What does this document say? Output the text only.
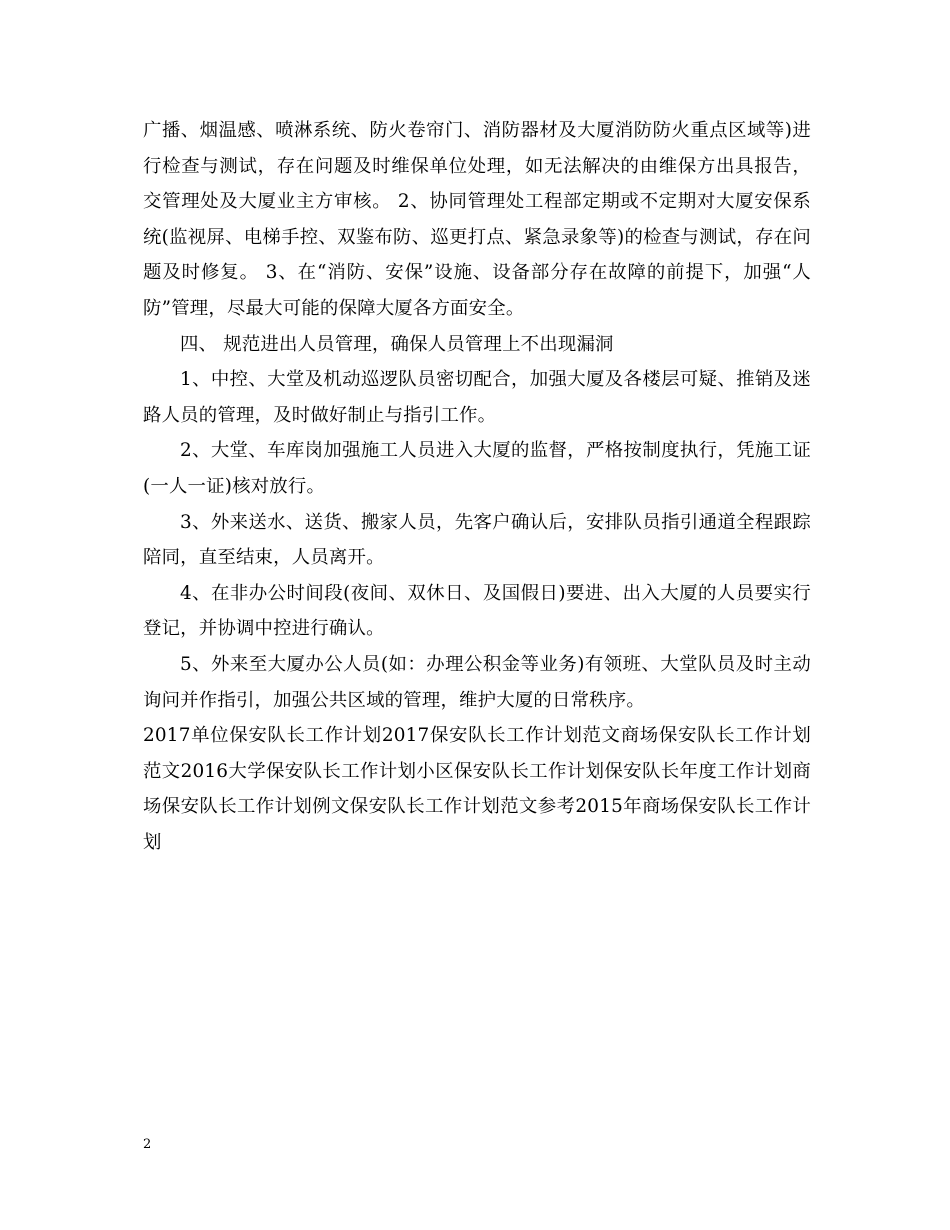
广播、烟温感、喷淋系统、防火卷帘门、消防器材及大厦消防防火重点区域等)进行检查与测试，存在问题及时维保单位处理，如无法解决的由维保方出具报告，交管理处及大厦业主方审核。 2、协同管理处工程部定期或不定期对大厦安保系统(监视屏、电梯手控、双鉴布防、巡更打点、紧急录象等)的检查与测试，存在问题及时修复。 3、在“消防、安保”设施、设备部分存在故障的前提下，加强“人防”管理，尽最大可能的保障大厦各方面安全。

四、 规范进出人员管理，确保人员管理上不出现漏洞

1、中控、大堂及机动巡逻队员密切配合，加强大厦及各楼层可疑、推销及迷路人员的管理，及时做好制止与指引工作。

2、大堂、车库岗加强施工人员进入大厦的监督，严格按制度执行，凭施工证(一人一证)核对放行。

3、外来送水、送货、搬家人员，先客户确认后，安排队员指引通道全程跟踪陪同，直至结束，人员离开。

4、在非办公时间段(夜间、双休日、及国假日)要进、出入大厦的人员要实行登记，并协调中控进行确认。

5、外来至大厦办公人员(如：办理公积金等业务)有领班、大堂队员及时主动询问并作指引，加强公共区域的管理，维护大厦的日常秩序。

2017单位保安队长工作计划2017保安队长工作计划范文商场保安队长工作计划范文2016大学保安队长工作计划小区保安队长工作计划保安队长年度工作计划商场保安队长工作计划例文保安队长工作计划范文参考2015年商场保安队长工作计划

2
